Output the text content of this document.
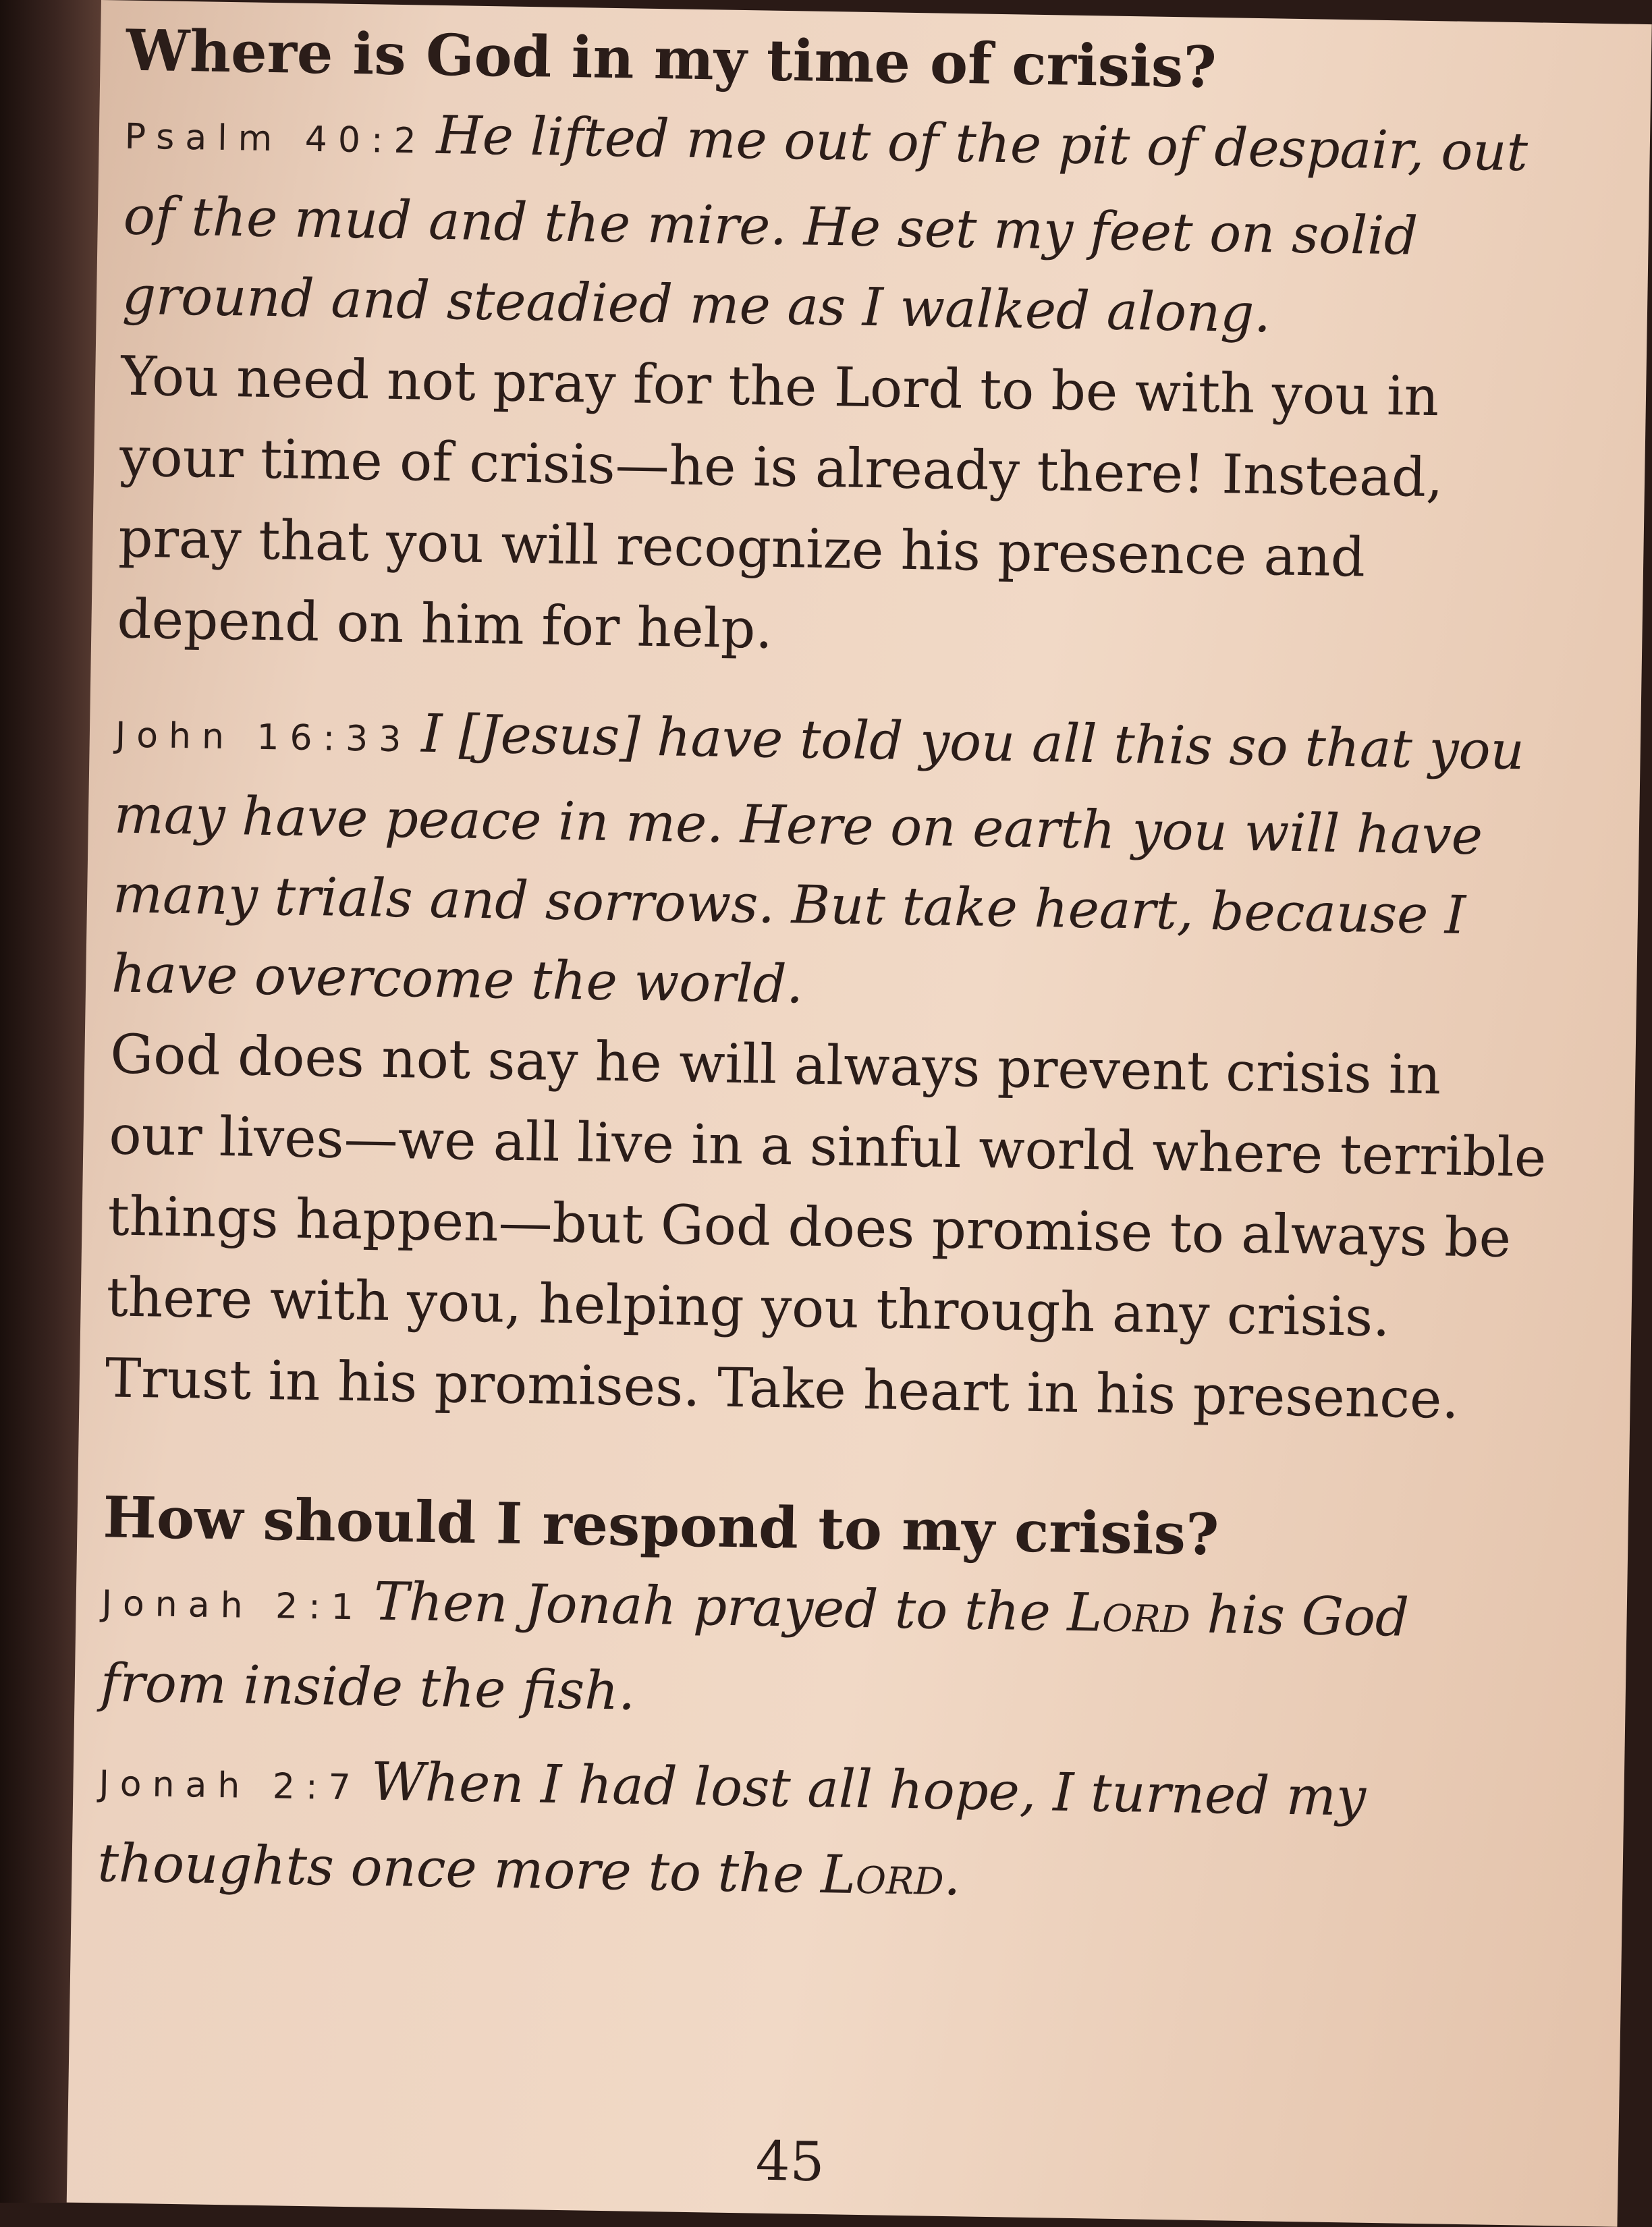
Where is God in my time of crisis?
Psalm 40:2 He lifted me out of the pit of despair, out of the mud and the mire. He set my feet on solid ground and steadied me as I walked along.

You need not pray for the Lord to be with you in your time of crisis—he is already there! Instead, pray that you will recognize his presence and depend on him for help.

John 16:33 I [Jesus] have told you all this so that you may have peace in me. Here on earth you will have many trials and sorrows. But take heart, because I have overcome the world.

God does not say he will always prevent crisis in our lives—we all live in a sinful world where terrible things happen—but God does promise to always be there with you, helping you through any crisis. Trust in his promises. Take heart in his presence.

How should I respond to my crisis?
Jonah 2:1 Then Jonah prayed to the Lord his God from inside the fish.
Jonah 2:7 When I had lost all hope, I turned my thoughts once more to the Lord.
45
